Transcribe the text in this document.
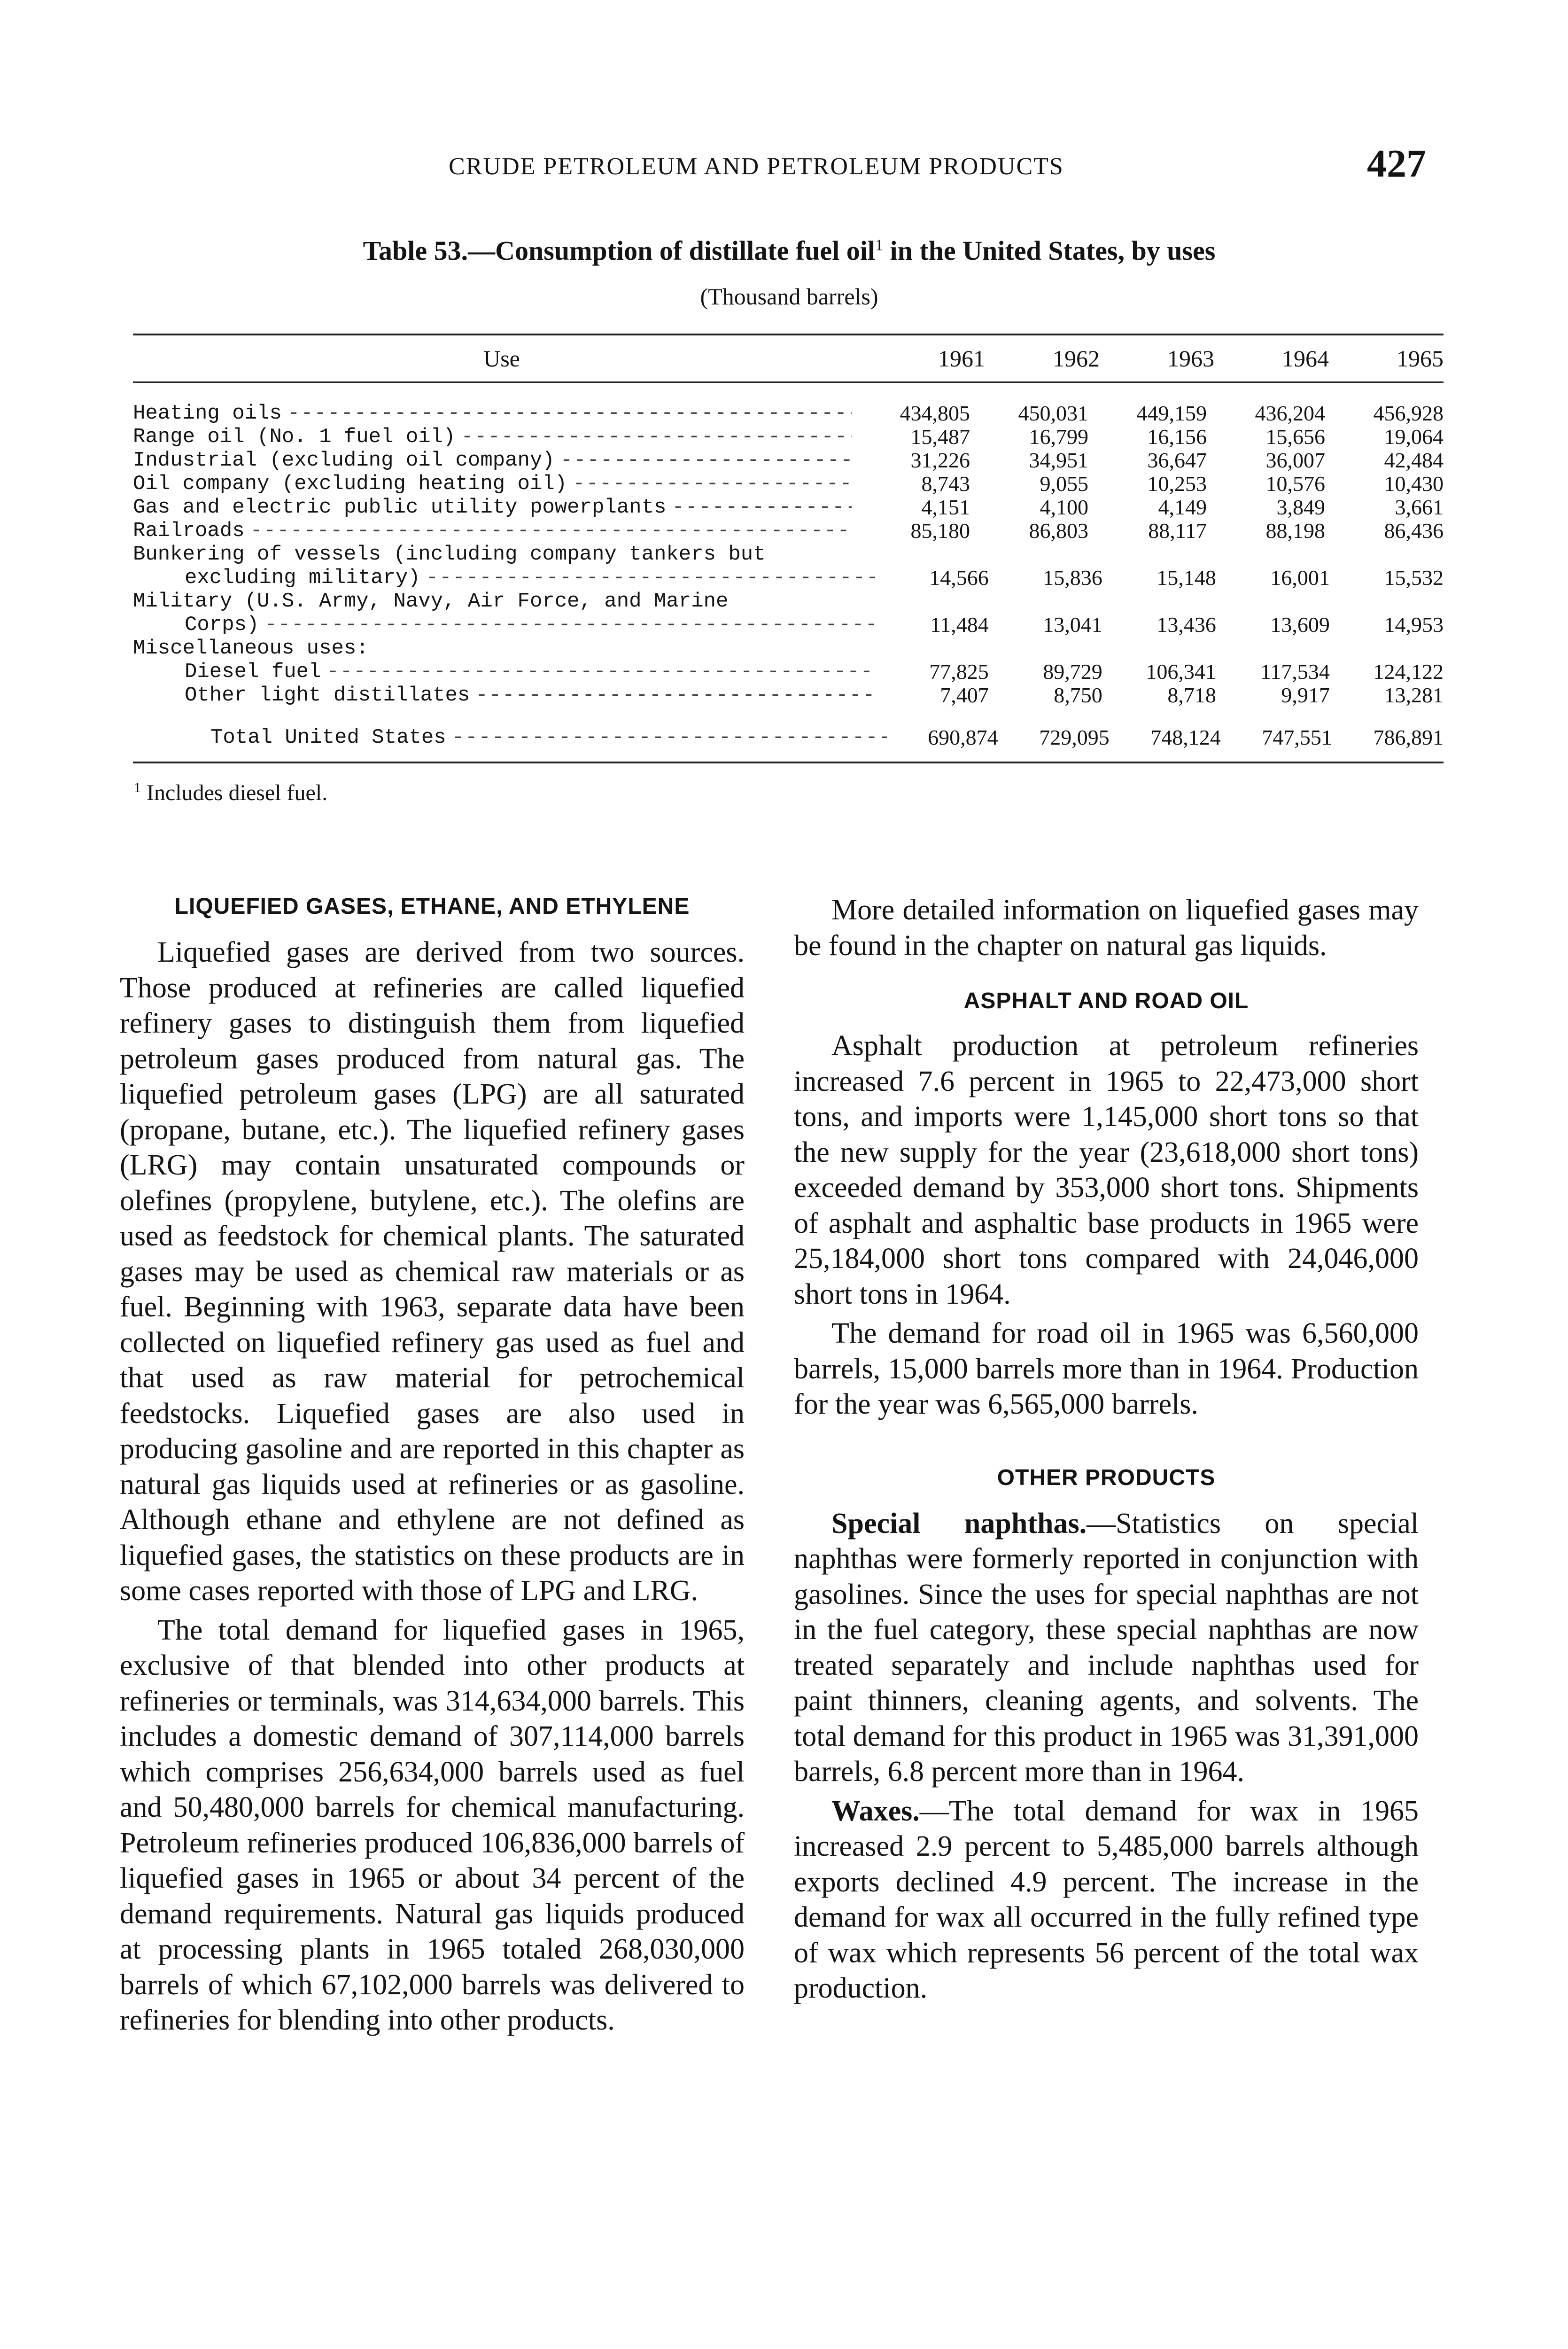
CRUDE PETROLEUM AND PETROLEUM PRODUCTS	427
Table 53.—Consumption of distillate fuel oil$^1$ in the United States, by uses
(Thousand barrels)
Use	1961	1962	1963	1964	1965
Heating oils -----	434,805	450,031	449,159	436,204	456,928
Range oil (No. 1 fuel oil) -----	15,487	16,799	16,156	15,656	19,064
Industrial (excluding oil company) -----	31,226	34,951	36,647	36,007	42,484
Oil company (excluding heating oil) -----	8,743	9,055	10,253	10,576	10,430
Gas and electric public utility powerplants -----	4,151	4,100	4,149	3,849	3,661
Railroads -----	85,180	86,803	88,117	88,198	86,436
Bunkering of vessels (including company tankers but
excluding military) -----	14,566	15,836	15,148	16,001	15,532
Military (U.S. Army, Navy, Air Force, and Marine
Corps) -----	11,484	13,041	13,436	13,609	14,953
Miscellaneous uses:
Diesel fuel -----	77,825	89,729	106,341	117,534	124,122
Other light distillates -----	7,407	8,750	8,718	9,917	13,281
Total United States -----	690,874	729,095	748,124	747,551	786,891
$^1$ Includes diesel fuel.
LIQUEFIED GASES, ETHANE, AND ETHYLENE

Liquefied gases are derived from two sources. Those produced at refineries are called liquefied refinery gases to distinguish them from liquefied petroleum gases produced from natural gas. The liquefied petroleum gases (LPG) are all saturated (propane, butane, etc.). The liquefied refinery gases (LRG) may contain unsaturated compounds or olefines (propylene, butylene, etc.). The olefins are used as feedstock for chemical plants. The saturated gases may be used as chemical raw materials or as fuel. Beginning with 1963, separate data have been collected on liquefied refinery gas used as fuel and that used as raw material for petrochemical feedstocks. Liquefied gases are also used in producing gasoline and are reported in this chapter as natural gas liquids used at refineries or as gasoline. Although ethane and ethylene are not defined as liquefied gases, the statistics on these products are in some cases reported with those of LPG and LRG.

The total demand for liquefied gases in 1965, exclusive of that blended into other products at refineries or terminals, was 314,634,000 barrels. This includes a domestic demand of 307,114,000 barrels which comprises 256,634,000 barrels used as fuel and 50,480,000 barrels for chemical manufacturing. Petroleum refineries produced 106,836,000 barrels of liquefied gases in 1965 or about 34 percent of the demand requirements. Natural gas liquids produced at processing plants in 1965 totaled 268,030,000 barrels of which 67,102,000 barrels was delivered to refineries for blending into other products.

More detailed information on liquefied gases may be found in the chapter on natural gas liquids.

ASPHALT AND ROAD OIL

Asphalt production at petroleum refineries increased 7.6 percent in 1965 to 22,473,000 short tons, and imports were 1,145,000 short tons so that the new supply for the year (23,618,000 short tons) exceeded demand by 353,000 short tons. Shipments of asphalt and asphaltic base products in 1965 were 25,184,000 short tons compared with 24,046,000 short tons in 1964.

The demand for road oil in 1965 was 6,560,000 barrels, 15,000 barrels more than in 1964. Production for the year was 6,565,000 barrels.

OTHER PRODUCTS

Special naphthas.—Statistics on special naphthas were formerly reported in conjunction with gasolines. Since the uses for special naphthas are not in the fuel category, these special naphthas are now treated separately and include naphthas used for paint thinners, cleaning agents, and solvents. The total demand for this product in 1965 was 31,391,000 barrels, 6.8 percent more than in 1964.

Waxes.—The total demand for wax in 1965 increased 2.9 percent to 5,485,000 barrels although exports declined 4.9 percent. The increase in the demand for wax all occurred in the fully refined type of wax which represents 56 percent of the total wax production.
